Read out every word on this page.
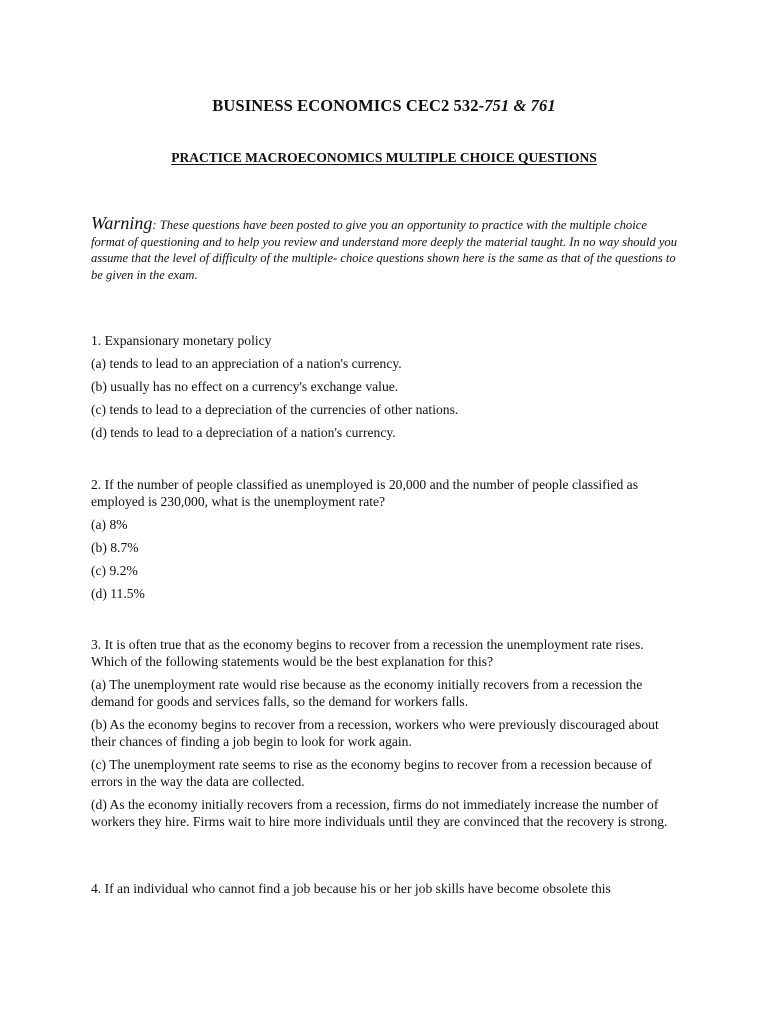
BUSINESS ECONOMICS CEC2 532-751 & 761
PRACTICE MACROECONOMICS MULTIPLE CHOICE QUESTIONS
Warning: These questions have been posted to give you an opportunity to practice with the multiple choice format of questioning and to help you review and understand more deeply the material taught. In no way should you assume that the level of difficulty of the multiple- choice questions shown here is the same as that of the questions to be given in the exam.

1. Expansionary monetary policy

(a) tends to lead to an appreciation of a nation's currency.

(b) usually has no effect on a currency's exchange value.

(c) tends to lead to a depreciation of the currencies of other nations.

(d) tends to lead to a depreciation of a nation's currency.

2. If the number of people classified as unemployed is 20,000 and the number of people classified as employed is 230,000, what is the unemployment rate?

(a) 8%

(b) 8.7%

(c) 9.2%

(d) 11.5%

3. It is often true that as the economy begins to recover from a recession the unemployment rate rises. Which of the following statements would be the best explanation for this?

(a) The unemployment rate would rise because as the economy initially recovers from a recession the demand for goods and services falls, so the demand for workers falls.

(b) As the economy begins to recover from a recession, workers who were previously discouraged about their chances of finding a job begin to look for work again.

(c) The unemployment rate seems to rise as the economy begins to recover from a recession because of errors in the way the data are collected.

(d) As the economy initially recovers from a recession, firms do not immediately increase the number of workers they hire. Firms wait to hire more individuals until they are convinced that the recovery is strong.

4. If an individual who cannot find a job because his or her job skills have become obsolete this
